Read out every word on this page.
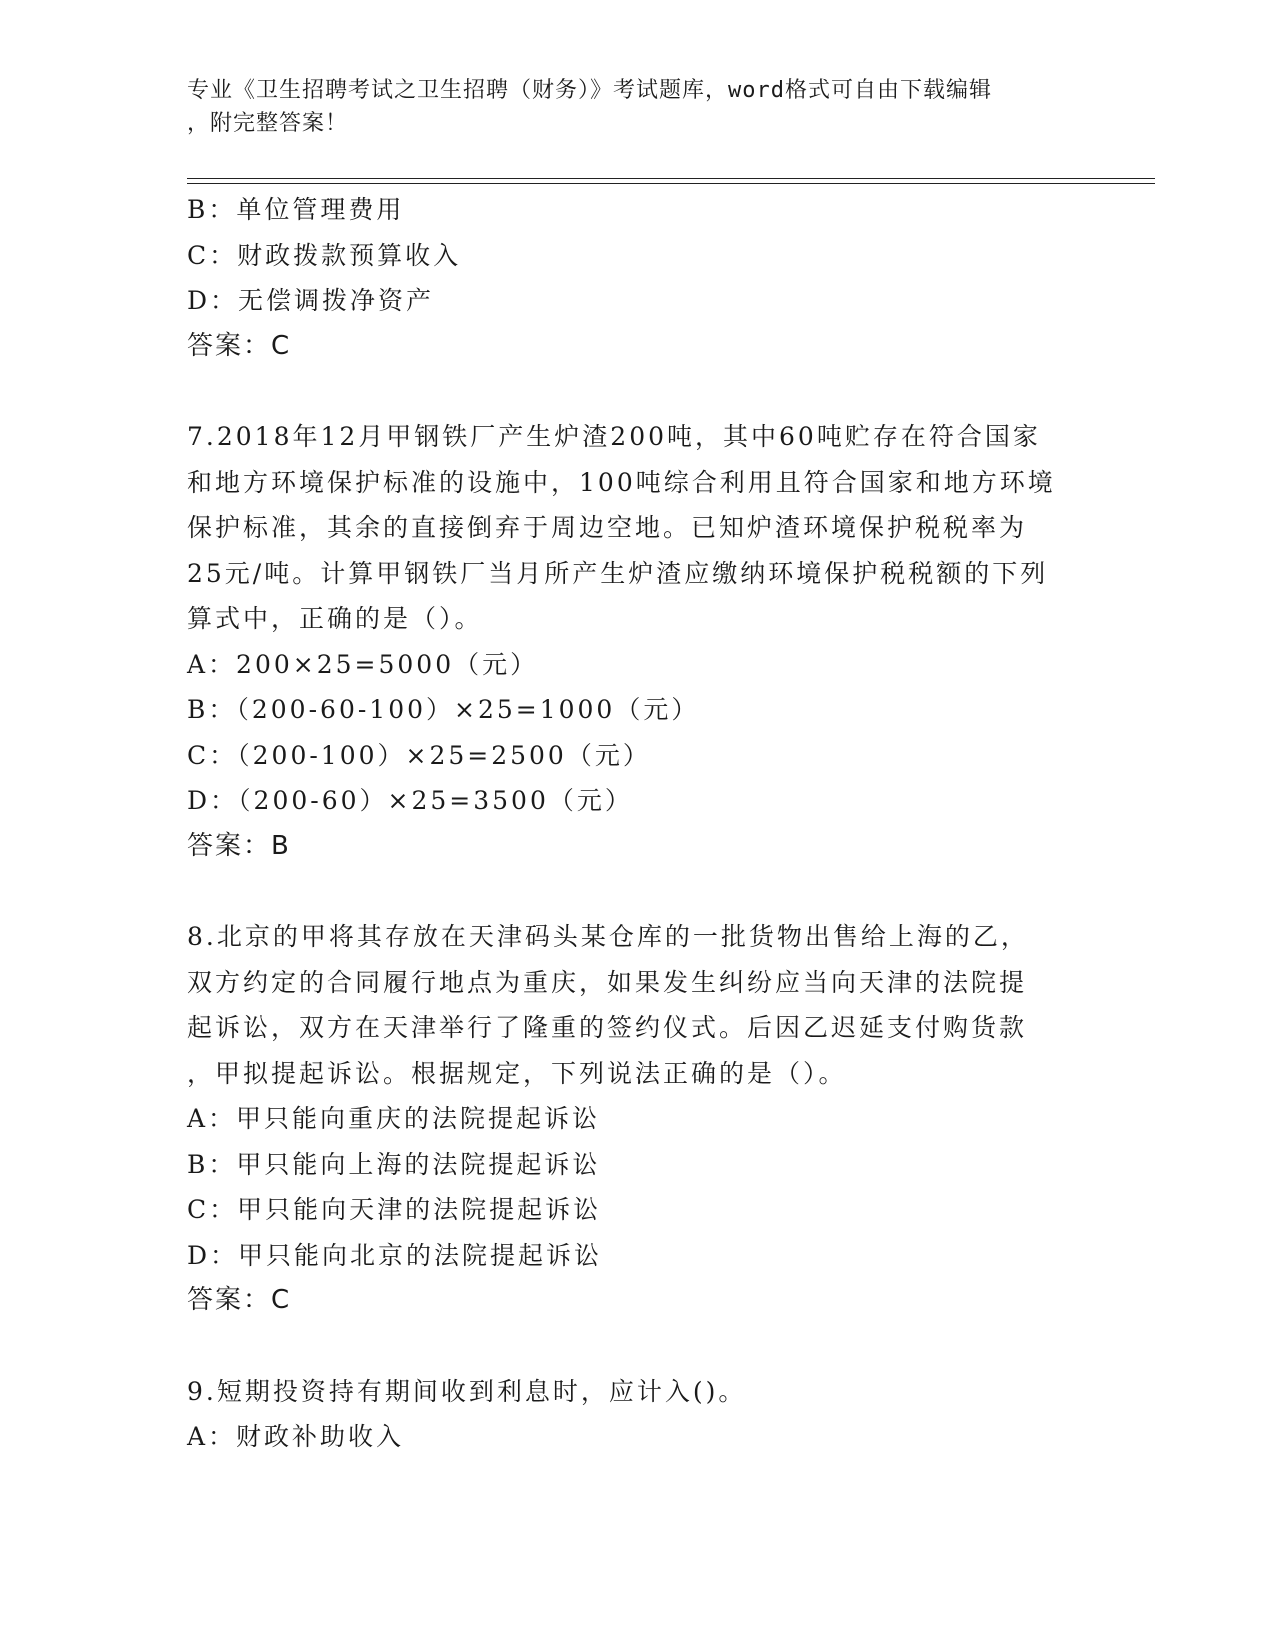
专业《卫生招聘考试之卫生招聘（财务）》考试题库，word格式可自由下载编辑
，附完整答案！
B：单位管理费用
C：财政拨款预算收入
D：无偿调拨净资产
答案：C
7.2018年12月甲钢铁厂产生炉渣200吨，其中60吨贮存在符合国家
和地方环境保护标准的设施中，100吨综合利用且符合国家和地方环境
保护标准，其余的直接倒弃于周边空地。已知炉渣环境保护税税率为
25元/吨。计算甲钢铁厂当月所产生炉渣应缴纳环境保护税税额的下列
算式中，正确的是（）。
A：200×25=5000（元）
B：（200-60-100）×25=1000（元）
C：（200-100）×25=2500（元）
D：（200-60）×25=3500（元）
答案：B
8.北京的甲将其存放在天津码头某仓库的一批货物出售给上海的乙，
双方约定的合同履行地点为重庆，如果发生纠纷应当向天津的法院提
起诉讼，双方在天津举行了隆重的签约仪式。后因乙迟延支付购货款
，甲拟提起诉讼。根据规定，下列说法正确的是（）。
A：甲只能向重庆的法院提起诉讼
B：甲只能向上海的法院提起诉讼
C：甲只能向天津的法院提起诉讼
D：甲只能向北京的法院提起诉讼
答案：C
9.短期投资持有期间收到利息时，应计入()。
A：财政补助收入
